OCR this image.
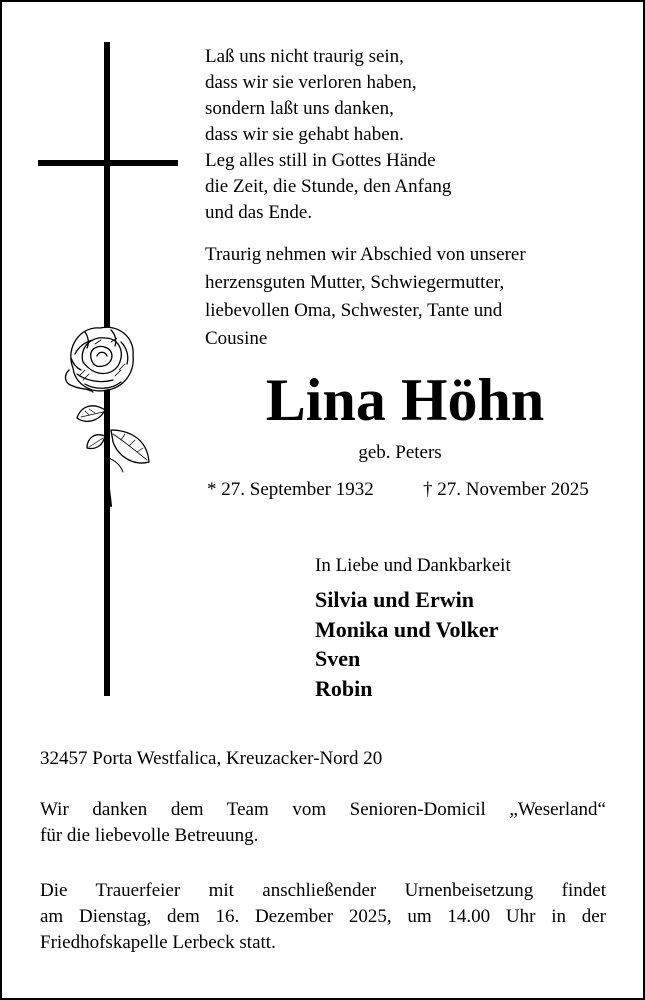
Laß uns nicht traurig sein,
dass wir sie verloren haben,
sondern laßt uns danken,
dass wir sie gehabt haben.
Leg alles still in Gottes Hände
die Zeit, die Stunde, den Anfang
und das Ende.
Traurig nehmen wir Abschied von unserer
herzensguten Mutter, Schwiegermutter,
liebevollen Oma, Schwester, Tante und
Cousine
Lina Höhn
geb. Peters
* 27. September 1932	† 27. November 2025
In Liebe und Dankbarkeit
Silvia und Erwin
Monika und Volker
Sven
Robin
32457 Porta Westfalica, Kreuzacker-Nord 20
Wir danken dem Team vom Senioren-Domicil „Weserland“
für die liebevolle Betreuung.
Die Trauerfeier mit anschließender Urnenbeisetzung findet
am Dienstag, dem 16. Dezember 2025, um 14.00 Uhr in der
Friedhofskapelle Lerbeck statt.
